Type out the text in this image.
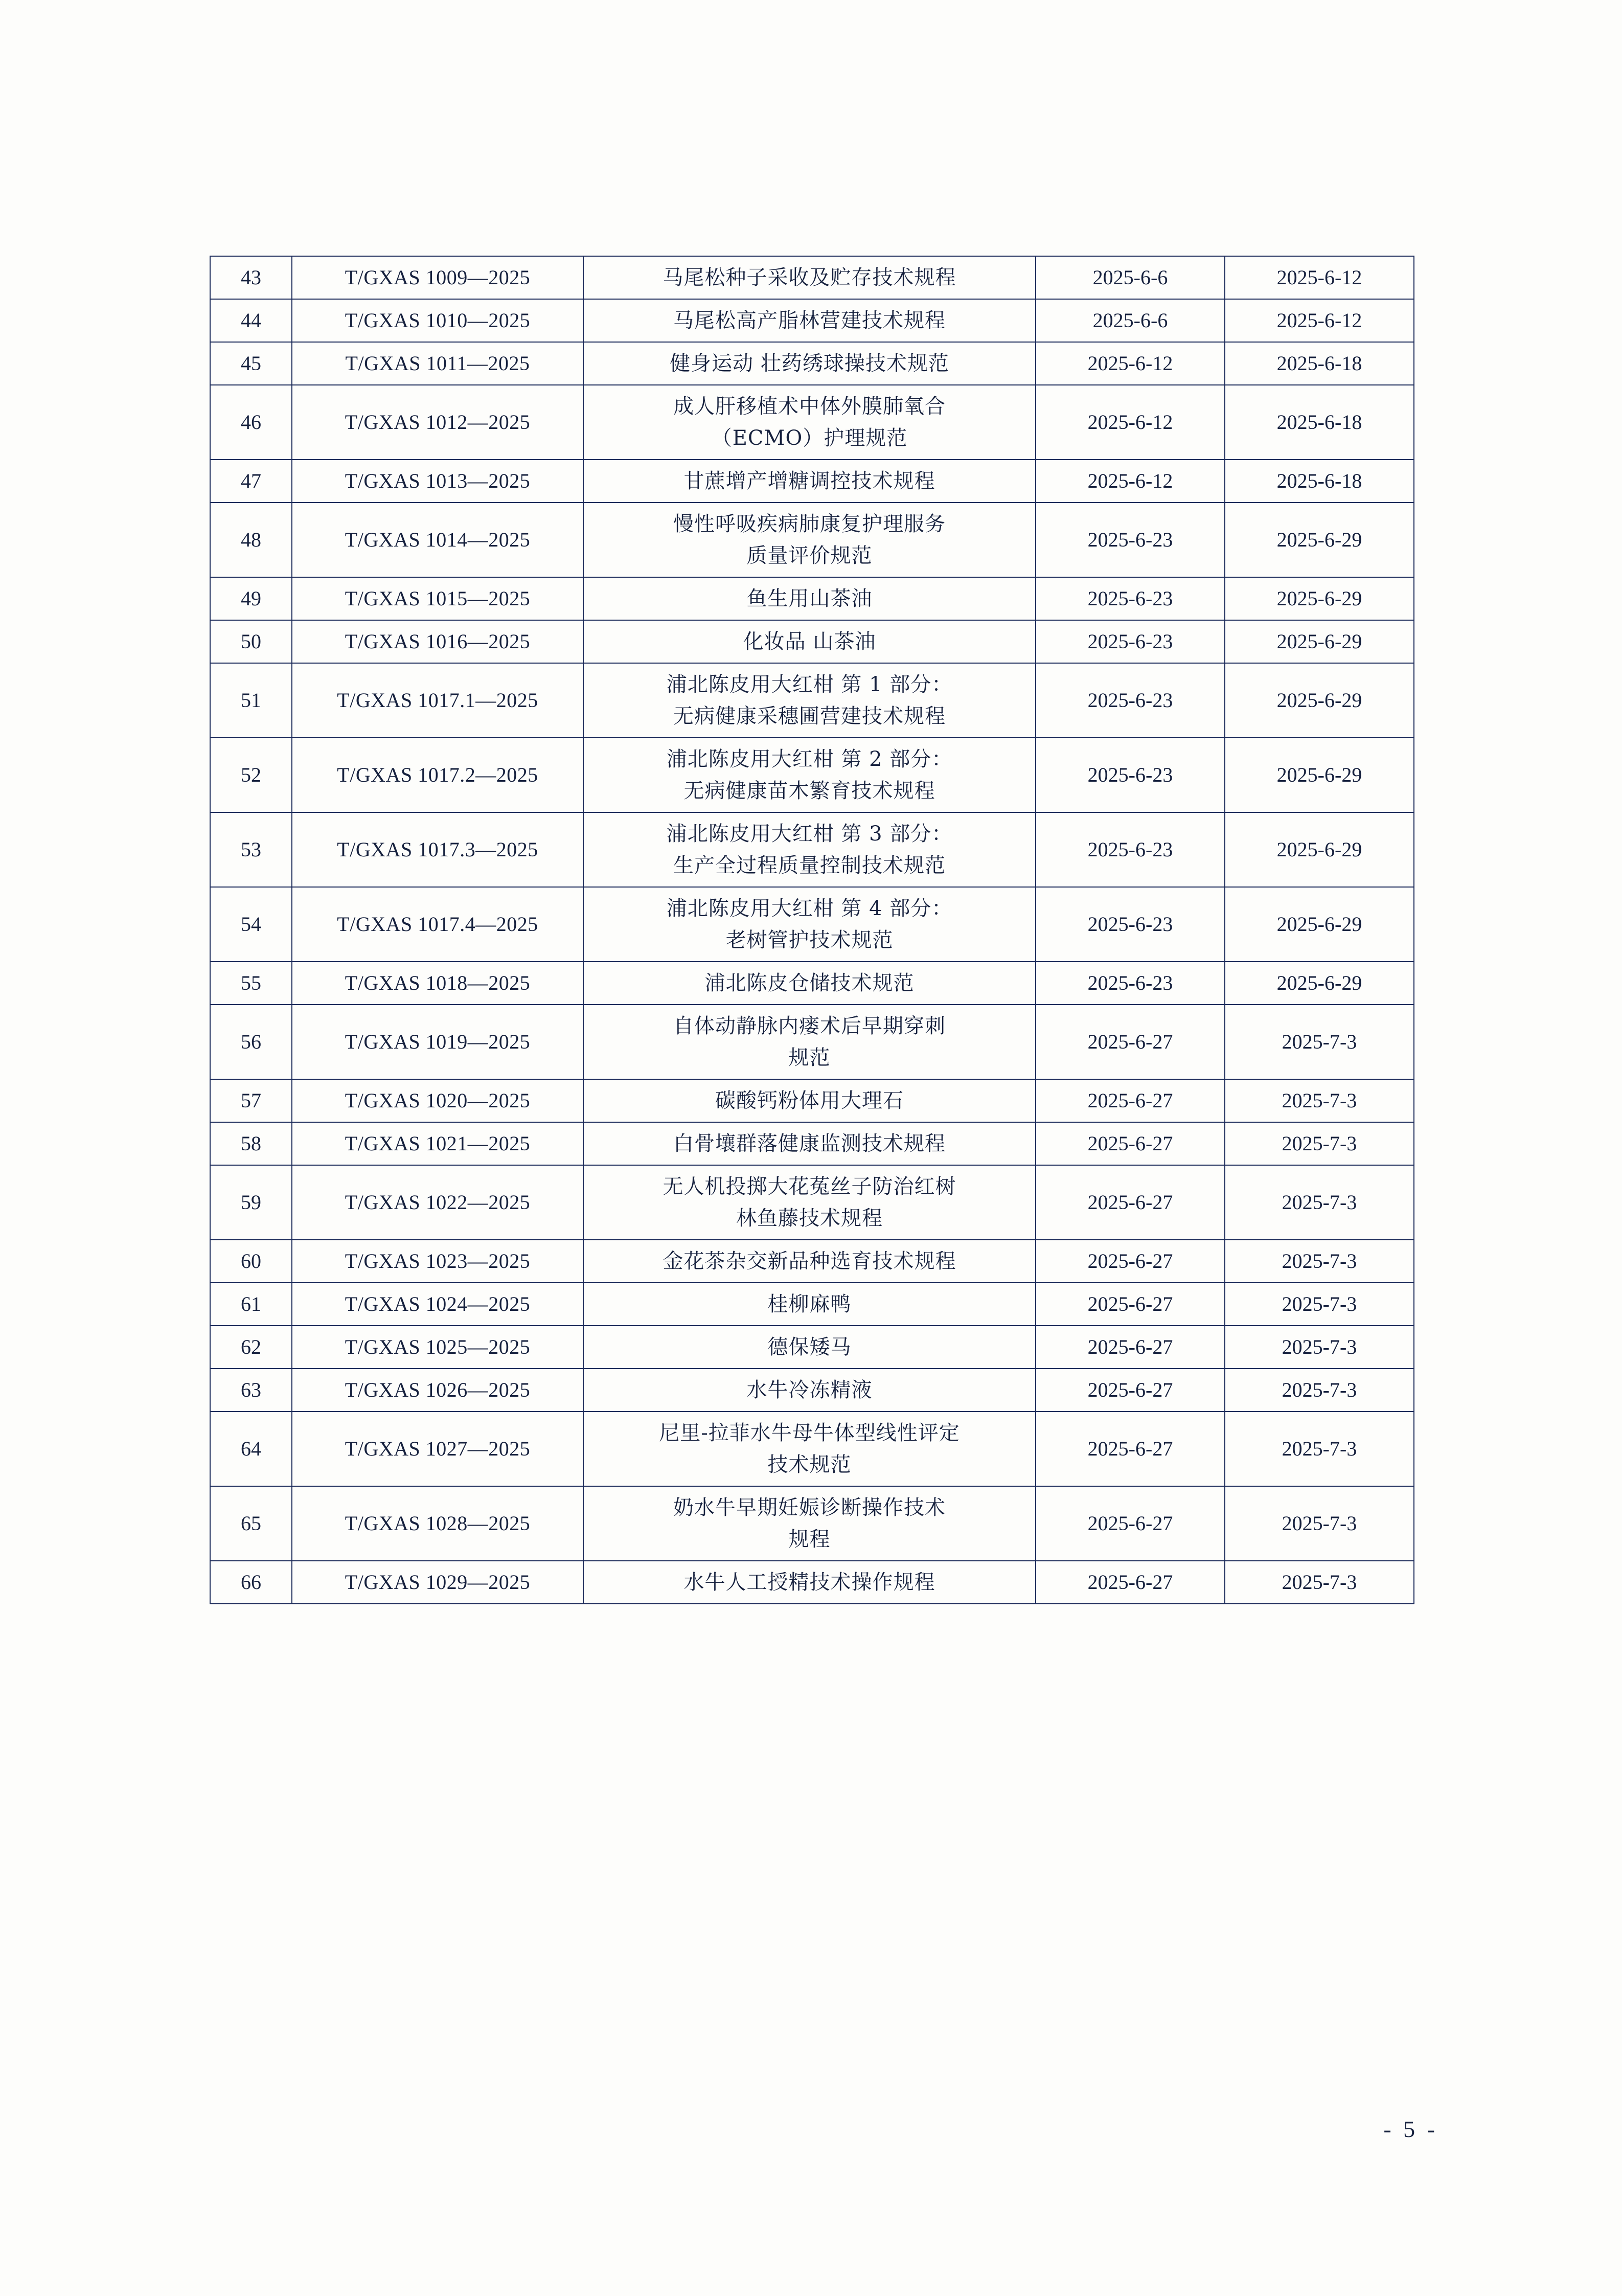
43	T/GXAS 1009—2025	马尾松种子采收及贮存技术规程	2025-6-6	2025-6-12
44	T/GXAS 1010—2025	马尾松高产脂林营建技术规程	2025-6-6	2025-6-12
45	T/GXAS 1011—2025	健身运动 壮药绣球操技术规范	2025-6-12	2025-6-18
46	T/GXAS 1012—2025	成人肝移植术中体外膜肺氧合
（ECMO）护理规范	2025-6-12	2025-6-18
47	T/GXAS 1013—2025	甘蔗增产增糖调控技术规程	2025-6-12	2025-6-18
48	T/GXAS 1014—2025	慢性呼吸疾病肺康复护理服务
质量评价规范	2025-6-23	2025-6-29
49	T/GXAS 1015—2025	鱼生用山茶油	2025-6-23	2025-6-29
50	T/GXAS 1016—2025	化妆品 山茶油	2025-6-23	2025-6-29
51	T/GXAS 1017.1—2025	浦北陈皮用大红柑 第 1 部分：
无病健康采穗圃营建技术规程	2025-6-23	2025-6-29
52	T/GXAS 1017.2—2025	浦北陈皮用大红柑 第 2 部分：
无病健康苗木繁育技术规程	2025-6-23	2025-6-29
53	T/GXAS 1017.3—2025	浦北陈皮用大红柑 第 3 部分：
生产全过程质量控制技术规范	2025-6-23	2025-6-29
54	T/GXAS 1017.4—2025	浦北陈皮用大红柑 第 4 部分：
老树管护技术规范	2025-6-23	2025-6-29
55	T/GXAS 1018—2025	浦北陈皮仓储技术规范	2025-6-23	2025-6-29
56	T/GXAS 1019—2025	自体动静脉内瘘术后早期穿刺
规范	2025-6-27	2025-7-3
57	T/GXAS 1020—2025	碳酸钙粉体用大理石	2025-6-27	2025-7-3
58	T/GXAS 1021—2025	白骨壤群落健康监测技术规程	2025-6-27	2025-7-3
59	T/GXAS 1022—2025	无人机投掷大花菟丝子防治红树
林鱼藤技术规程	2025-6-27	2025-7-3
60	T/GXAS 1023—2025	金花茶杂交新品种选育技术规程	2025-6-27	2025-7-3
61	T/GXAS 1024—2025	桂柳麻鸭	2025-6-27	2025-7-3
62	T/GXAS 1025—2025	德保矮马	2025-6-27	2025-7-3
63	T/GXAS 1026—2025	水牛冷冻精液	2025-6-27	2025-7-3
64	T/GXAS 1027—2025	尼里-拉菲水牛母牛体型线性评定
技术规范	2025-6-27	2025-7-3
65	T/GXAS 1028—2025	奶水牛早期妊娠诊断操作技术
规程	2025-6-27	2025-7-3
66	T/GXAS 1029—2025	水牛人工授精技术操作规程	2025-6-27	2025-7-3
- 5 -
